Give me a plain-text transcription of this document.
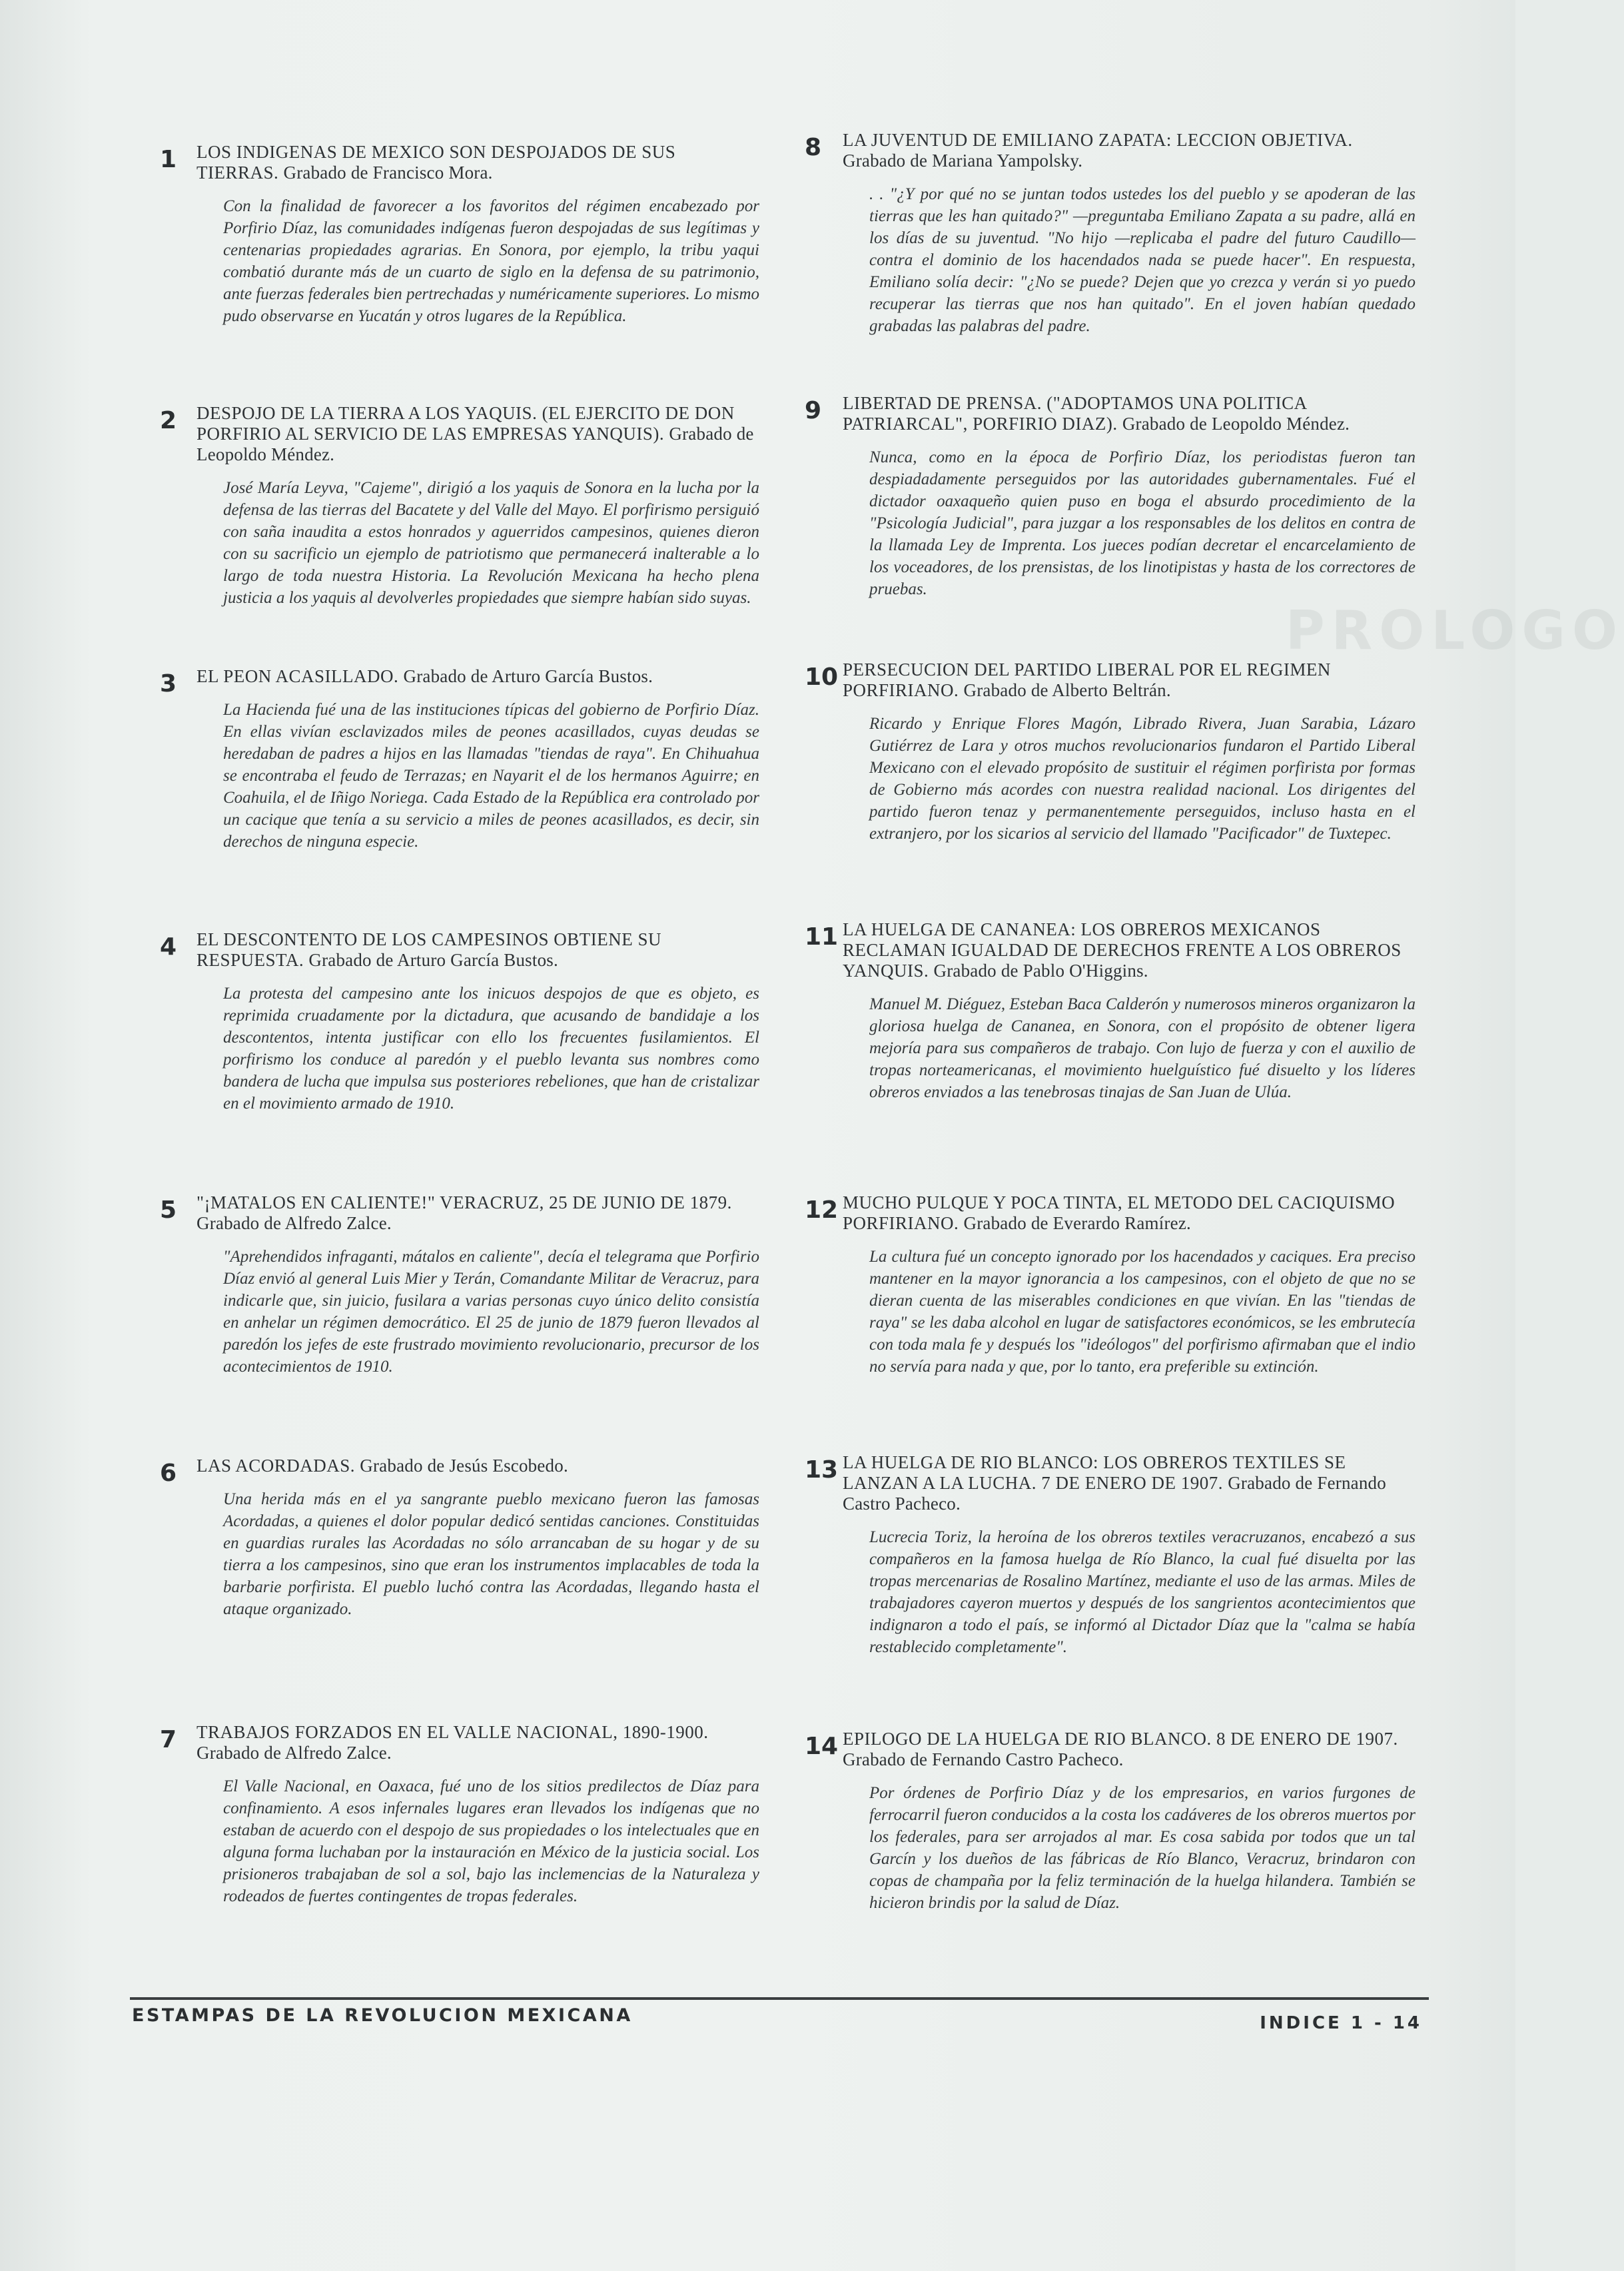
PROLOGO
1	LOS INDIGENAS DE MEXICO SON DESPOJADOS DE SUS TIERRAS. Grabado de Francisco Mora.
Con la finalidad de favorecer a los favoritos del régimen encabezado por Porfirio Díaz, las comunidades indígenas fueron despojadas de sus legítimas y centenarias propiedades agrarias. En Sonora, por ejemplo, la tribu yaqui combatió durante más de un cuarto de siglo en la defensa de su patrimonio, ante fuerzas federales bien pertrechadas y numéricamente superiores. Lo mismo pudo observarse en Yucatán y otros lugares de la República.
2	DESPOJO DE LA TIERRA A LOS YAQUIS. (EL EJERCITO DE DON PORFIRIO AL SERVICIO DE LAS EMPRESAS YANQUIS). Grabado de Leopoldo Méndez.
José María Leyva, "Cajeme", dirigió a los yaquis de Sonora en la lucha por la defensa de las tierras del Bacatete y del Valle del Mayo. El porfirismo persiguió con saña inaudita a estos honrados y aguerridos campesinos, quienes dieron con su sacrificio un ejemplo de patriotismo que permanecerá inalterable a lo largo de toda nuestra Historia. La Revolución Mexicana ha hecho plena justicia a los yaquis al devolverles propiedades que siempre habían sido suyas.
3	EL PEON ACASILLADO. Grabado de Arturo García Bustos.
La Hacienda fué una de las instituciones típicas del gobierno de Porfirio Díaz. En ellas vivían esclavizados miles de peones acasillados, cuyas deudas se heredaban de padres a hijos en las llamadas "tiendas de raya". En Chihuahua se encontraba el feudo de Terrazas; en Nayarit el de los hermanos Aguirre; en Coahuila, el de Iñigo Noriega. Cada Estado de la República era controlado por un cacique que tenía a su servicio a miles de peones acasillados, es decir, sin derechos de ninguna especie.
4	EL DESCONTENTO DE LOS CAMPESINOS OBTIENE SU RESPUESTA. Grabado de Arturo García Bustos.
La protesta del campesino ante los inicuos despojos de que es objeto, es reprimida cruadamente por la dictadura, que acusando de bandidaje a los descontentos, intenta justificar con ello los frecuentes fusilamientos. El porfirismo los conduce al paredón y el pueblo levanta sus nombres como bandera de lucha que impulsa sus posteriores rebeliones, que han de cristalizar en el movimiento armado de 1910.
5	"¡MATALOS EN CALIENTE!" VERACRUZ, 25 DE JUNIO DE 1879. Grabado de Alfredo Zalce.
"Aprehendidos infraganti, mátalos en caliente", decía el telegrama que Porfirio Díaz envió al general Luis Mier y Terán, Comandante Militar de Veracruz, para indicarle que, sin juicio, fusilara a varias personas cuyo único delito consistía en anhelar un régimen democrático. El 25 de junio de 1879 fueron llevados al paredón los jefes de este frustrado movimiento revolucionario, precursor de los acontecimientos de 1910.
6	LAS ACORDADAS. Grabado de Jesús Escobedo.
Una herida más en el ya sangrante pueblo mexicano fueron las famosas Acordadas, a quienes el dolor popular dedicó sentidas canciones. Constituidas en guardias rurales las Acordadas no sólo arrancaban de su hogar y de su tierra a los campesinos, sino que eran los instrumentos implacables de toda la barbarie porfirista. El pueblo luchó contra las Acordadas, llegando hasta el ataque organizado.
7	TRABAJOS FORZADOS EN EL VALLE NACIONAL, 1890-1900. Grabado de Alfredo Zalce.
El Valle Nacional, en Oaxaca, fué uno de los sitios predilectos de Díaz para confinamiento. A esos infernales lugares eran llevados los indígenas que no estaban de acuerdo con el despojo de sus propiedades o los intelectuales que en alguna forma luchaban por la instauración en México de la justicia social. Los prisioneros trabajaban de sol a sol, bajo las inclemencias de la Naturaleza y rodeados de fuertes contingentes de tropas federales.
8	LA JUVENTUD DE EMILIANO ZAPATA: LECCION OBJETIVA. Grabado de Mariana Yampolsky.
. . "¿Y por qué no se juntan todos ustedes los del pueblo y se apoderan de las tierras que les han quitado?" —preguntaba Emiliano Zapata a su padre, allá en los días de su juventud. "No hijo —replicaba el padre del futuro Caudillo— contra el dominio de los hacendados nada se puede hacer". En respuesta, Emiliano solía decir: "¿No se puede? Dejen que yo crezca y verán si yo puedo recuperar las tierras que nos han quitado". En el joven habían quedado grabadas las palabras del padre.
9	LIBERTAD DE PRENSA. ("ADOPTAMOS UNA POLITICA PATRIARCAL", PORFIRIO DIAZ). Grabado de Leopoldo Méndez.
Nunca, como en la época de Porfirio Díaz, los periodistas fueron tan despiadadamente perseguidos por las autoridades gubernamentales. Fué el dictador oaxaqueño quien puso en boga el absurdo procedimiento de la "Psicología Judicial", para juzgar a los responsables de los delitos en contra de la llamada Ley de Imprenta. Los jueces podían decretar el encarcelamiento de los voceadores, de los prensistas, de los linotipistas y hasta de los correctores de pruebas.
10 PERSECUCION DEL PARTIDO LIBERAL POR EL REGIMEN PORFIRIANO. Grabado de Alberto Beltrán.
Ricardo y Enrique Flores Magón, Librado Rivera, Juan Sarabia, Lázaro Gutiérrez de Lara y otros muchos revolucionarios fundaron el Partido Liberal Mexicano con el elevado propósito de sustituir el régimen porfirista por formas de Gobierno más acordes con nuestra realidad nacional. Los dirigentes del partido fueron tenaz y permanentemente perseguidos, incluso hasta en el extranjero, por los sicarios al servicio del llamado "Pacificador" de Tuxtepec.
11 LA HUELGA DE CANANEA: LOS OBREROS MEXICANOS RECLAMAN IGUALDAD DE DERECHOS FRENTE A LOS OBREROS YANQUIS. Grabado de Pablo O'Higgins.
Manuel M. Diéguez, Esteban Baca Calderón y numerosos mineros organizaron la gloriosa huelga de Cananea, en Sonora, con el propósito de obtener ligera mejoría para sus compañeros de trabajo. Con lujo de fuerza y con el auxilio de tropas norteamericanas, el movimiento huelguístico fué disuelto y los líderes obreros enviados a las tenebrosas tinajas de San Juan de Ulúa.
12 MUCHO PULQUE Y POCA TINTA, EL METODO DEL CACIQUISMO PORFIRIANO. Grabado de Everardo Ramírez.
La cultura fué un concepto ignorado por los hacendados y caciques. Era preciso mantener en la mayor ignorancia a los campesinos, con el objeto de que no se dieran cuenta de las miserables condiciones en que vivían. En las "tiendas de raya" se les daba alcohol en lugar de satisfactores económicos, se les embrutecía con toda mala fe y después los "ideólogos" del porfirismo afirmaban que el indio no servía para nada y que, por lo tanto, era preferible su extinción.
13 LA HUELGA DE RIO BLANCO: LOS OBREROS TEXTILES SE LANZAN A LA LUCHA. 7 DE ENERO DE 1907. Grabado de Fernando Castro Pacheco.
Lucrecia Toriz, la heroína de los obreros textiles veracruzanos, encabezó a sus compañeros en la famosa huelga de Río Blanco, la cual fué disuelta por las tropas mercenarias de Rosalino Martínez, mediante el uso de las armas. Miles de trabajadores cayeron muertos y después de los sangrientos acontecimientos que indignaron a todo el país, se informó al Dictador Díaz que la "calma se había restablecido completamente".
14 EPILOGO DE LA HUELGA DE RIO BLANCO. 8 DE ENERO DE 1907. Grabado de Fernando Castro Pacheco.
Por órdenes de Porfirio Díaz y de los empresarios, en varios furgones de ferrocarril fueron conducidos a la costa los cadáveres de los obreros muertos por los federales, para ser arrojados al mar. Es cosa sabida por todos que un tal Garcín y los dueños de las fábricas de Río Blanco, Veracruz, brindaron con copas de champaña por la feliz terminación de la huelga hilandera. También se hicieron brindis por la salud de Díaz.
ESTAMPAS DE LA REVOLUCION MEXICANA	INDICE 1 - 14
